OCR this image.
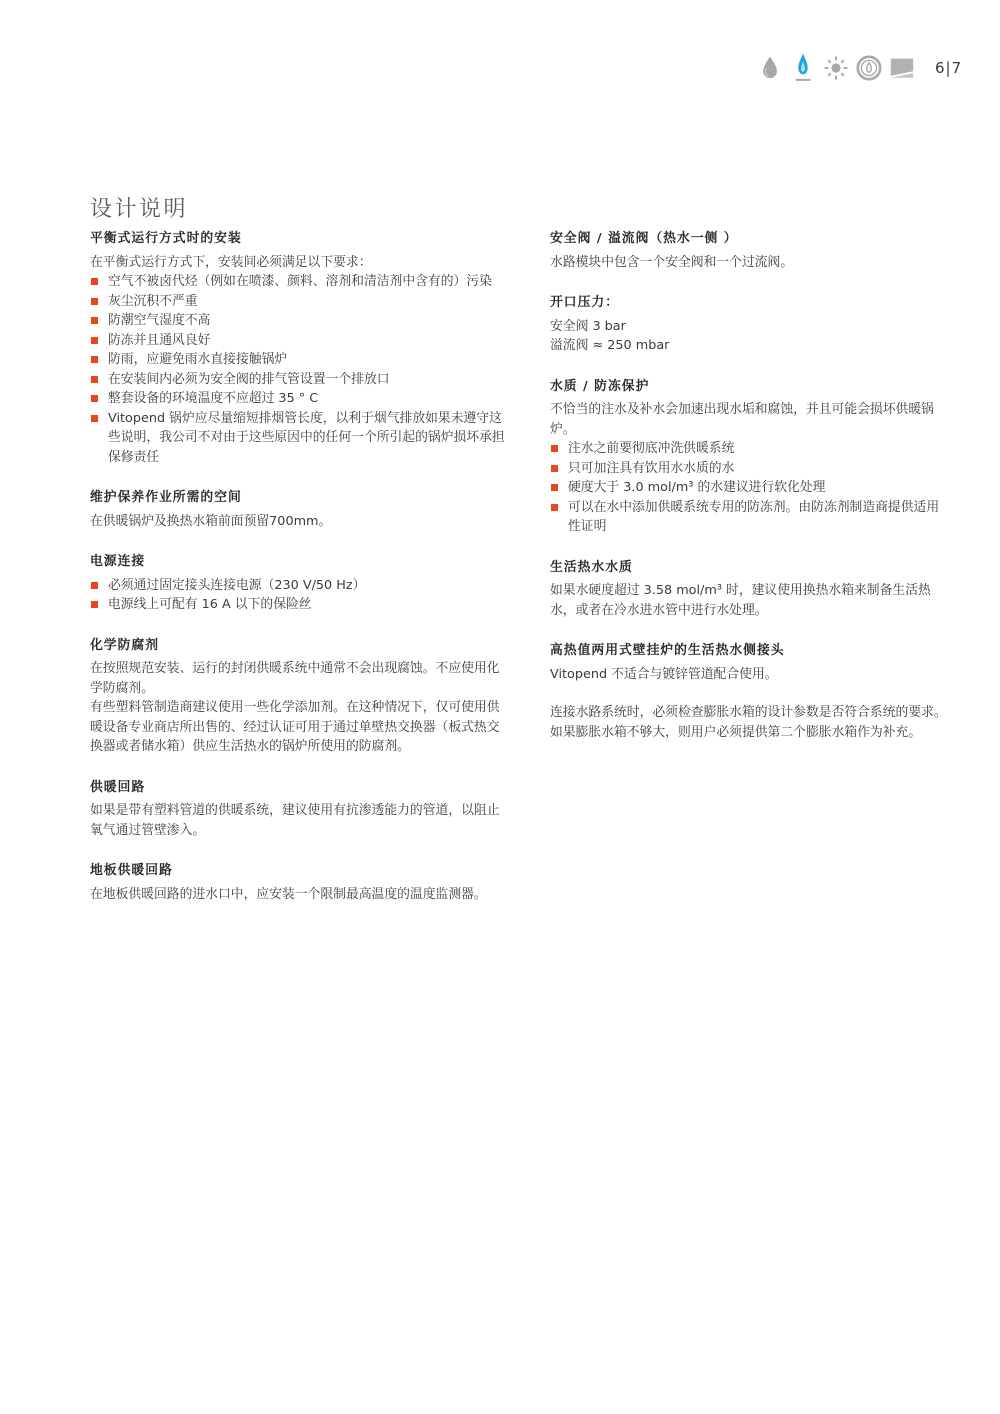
6|7
设计说明
平衡式运行方式时的安装
在平衡式运行方式下，安装间必须满足以下要求：
空气不被卤代烃（例如在喷漆、颜料、溶剂和清洁剂中含有的）污染
灰尘沉积不严重
防潮空气湿度不高
防冻并且通风良好
防雨，应避免雨水直接接触锅炉
在安装间内必须为安全阀的排气管设置一个排放口
整套设备的环境温度不应超过 35 ° C
Vitopend 锅炉应尽量缩短排烟管长度，以利于烟气排放如果未遵守这些说明，我公司不对由于这些原因中的任何一个所引起的锅炉损坏承担保修责任
维护保养作业所需的空间
在供暖锅炉及换热水箱前面预留700mm。
电源连接
必须通过固定接头连接电源（230 V/50 Hz）
电源线上可配有 16 A 以下的保险丝
化学防腐剂
在按照规范安装、运行的封闭供暖系统中通常不会出现腐蚀。不应使用化学防腐剂。
有些塑料管制造商建议使用一些化学添加剂。在这种情况下，仅可使用供暖设备专业商店所出售的、经过认证可用于通过单壁热交换器（板式热交换器或者储水箱）供应生活热水的锅炉所使用的防腐剂。
供暖回路
如果是带有塑料管道的供暖系统，建议使用有抗渗透能力的管道，以阻止氧气通过管壁渗入。
地板供暖回路
在地板供暖回路的进水口中，应安装一个限制最高温度的温度监测器。
安全阀 / 溢流阀（热水一侧 ）
水路模块中包含一个安全阀和一个过流阀。
开口压力：
安全阀 3 bar
溢流阀 ≈ 250 mbar
水质 / 防冻保护
不恰当的注水及补水会加速出现水垢和腐蚀，并且可能会损坏供暖锅炉。
注水之前要彻底冲洗供暖系统
只可加注具有饮用水水质的水
硬度大于 3.0 mol/m³ 的水建议进行软化处理
可以在水中添加供暖系统专用的防冻剂。由防冻剂制造商提供适用性证明
生活热水水质
如果水硬度超过 3.58 mol/m³ 时，建议使用换热水箱来制备生活热水，或者在冷水进水管中进行水处理。
高热值两用式壁挂炉的生活热水侧接头
Vitopend 不适合与镀锌管道配合使用。
连接水路系统时，必须检查膨胀水箱的设计参数是否符合系统的要求。如果膨胀水箱不够大，则用户必须提供第二个膨胀水箱作为补充。
